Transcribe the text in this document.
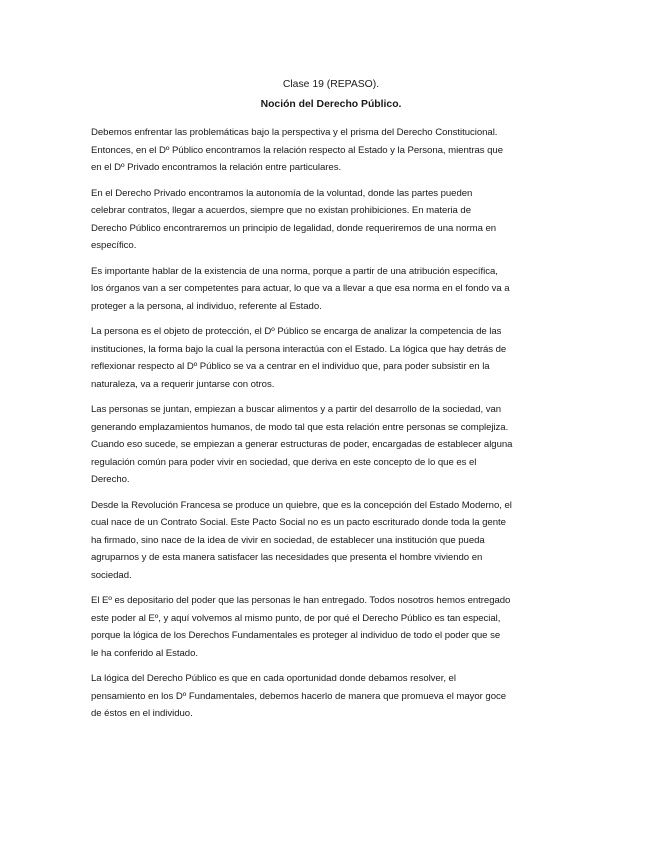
Clase 19 (REPASO).

Noción del Derecho Público.

Debemos enfrentar las problemáticas bajo la perspectiva y el prisma del Derecho Constitucional.
Entonces, en el Dº Público encontramos la relación respecto al Estado y la Persona, mientras que
en el Dº Privado encontramos la relación entre particulares.

En el Derecho Privado encontramos la autonomía de la voluntad, donde las partes pueden
celebrar contratos, llegar a acuerdos, siempre que no existan prohibiciones. En materia de
Derecho Público encontraremos un principio de legalidad, donde requeriremos de una norma en
específico.

Es importante hablar de la existencia de una norma, porque a partir de una atribución específica,
los órganos van a ser competentes para actuar, lo que va a llevar a que esa norma en el fondo va a
proteger a la persona, al individuo, referente al Estado.

La persona es el objeto de protección, el Dº Público se encarga de analizar la competencia de las
instituciones, la forma bajo la cual la persona interactúa con el Estado. La lógica que hay detrás de
reflexionar respecto al Dº Público se va a centrar en el individuo que, para poder subsistir en la
naturaleza, va a requerir juntarse con otros.

Las personas se juntan, empiezan a buscar alimentos y a partir del desarrollo de la sociedad, van
generando emplazamientos humanos, de modo tal que esta relación entre personas se complejiza.
Cuando eso sucede, se empiezan a generar estructuras de poder, encargadas de establecer alguna
regulación común para poder vivir en sociedad, que deriva en este concepto de lo que es el
Derecho.

Desde la Revolución Francesa se produce un quiebre, que es la concepción del Estado Moderno, el
cual nace de un Contrato Social. Este Pacto Social no es un pacto escriturado donde toda la gente
ha firmado, sino nace de la idea de vivir en sociedad, de establecer una institución que pueda
agruparnos y de esta manera satisfacer las necesidades que presenta el hombre viviendo en
sociedad.

El Eº es depositario del poder que las personas le han entregado. Todos nosotros hemos entregado
este poder al Eº, y aquí volvemos al mismo punto, de por qué el Derecho Público es tan especial,
porque la lógica de los Derechos Fundamentales es proteger al individuo de todo el poder que se
le ha conferido al Estado.

La lógica del Derecho Público es que en cada oportunidad donde debamos resolver, el
pensamiento en los Dº Fundamentales, debemos hacerlo de manera que promueva el mayor goce
de éstos en el individuo.
